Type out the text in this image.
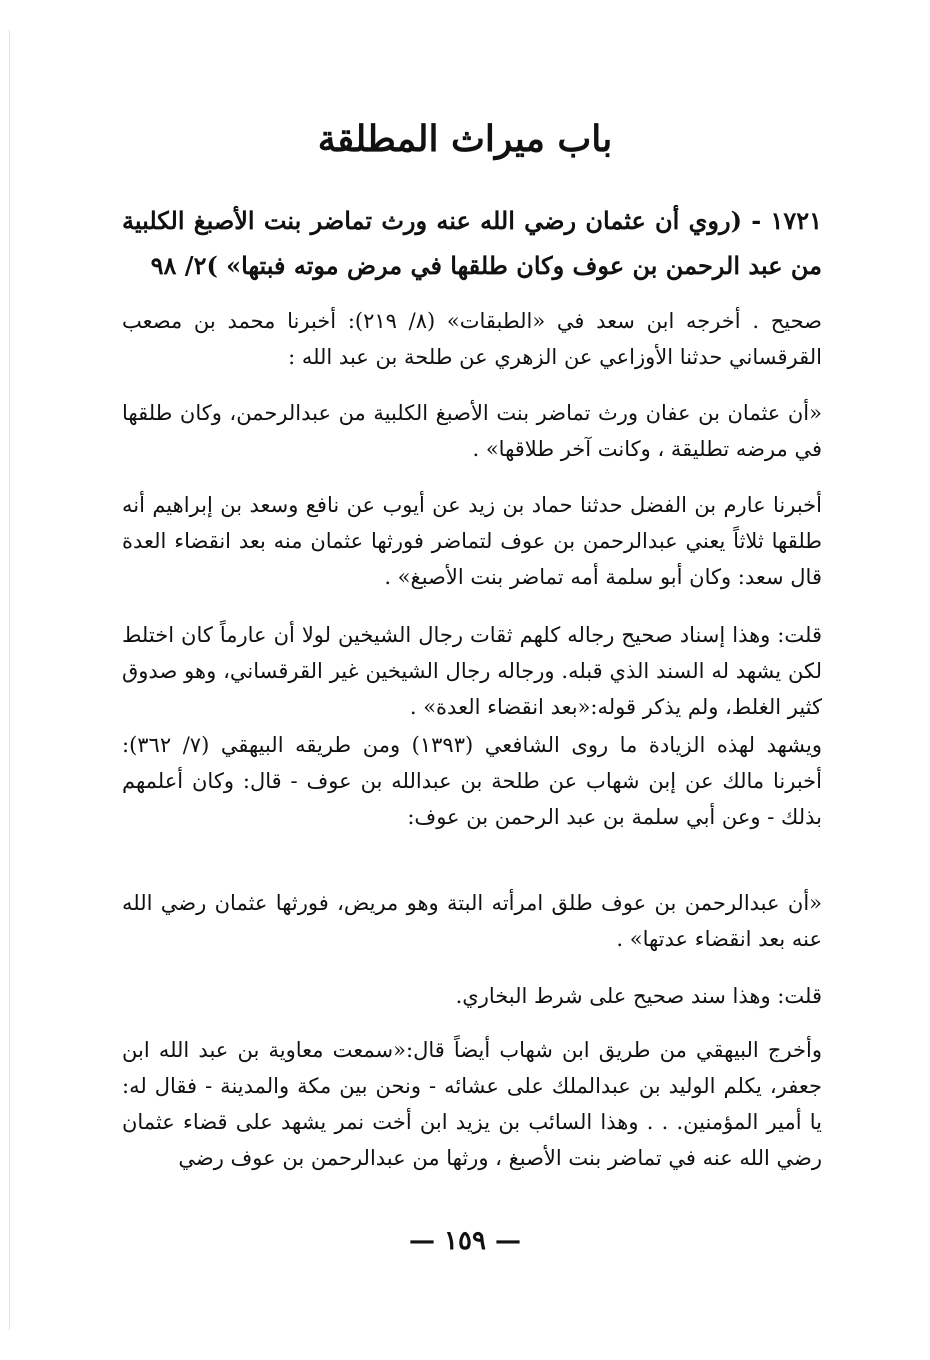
باب ميراث المطلقة
١٧٢١ - (روي أن عثمان رضي الله عنه ورث تماضر بنت الأصبغ الكلبية من عبد الرحمن بن عوف وكان طلقها في مرض موته فبتها» )٢/ ٩٨
صحيح . أخرجه ابن سعد في «الطبقات» (٨/ ٢١٩): أخبرنا محمد بن مصعب القرقساني حدثنا الأوزاعي عن الزهري عن طلحة بن عبد الله :
«أن عثمان بن عفان ورث تماضر بنت الأصبغ الكلبية من عبدالرحمن، وكان طلقها في مرضه تطليقة ، وكانت آخر طلاقها» .
أخبرنا عارم بن الفضل حدثنا حماد بن زيد عن أيوب عن نافع وسعد بن إبراهيم أنه طلقها ثلاثاً يعني عبدالرحمن بن عوف لتماضر فورثها عثمان منه بعد انقضاء العدة قال سعد: وكان أبو سلمة أمه تماضر بنت الأصبغ» .
قلت: وهذا إسناد صحيح رجاله كلهم ثقات رجال الشيخين لولا أن عارماً كان اختلط لكن يشهد له السند الذي قبله. ورجاله رجال الشيخين غير القرقساني، وهو صدوق كثير الغلط، ولم يذكر قوله:«بعد انقضاء العدة» .
ويشهد لهذه الزيادة ما روى الشافعي (١٣٩٣) ومن طريقه البيهقي (٧/ ٣٦٢): أخبرنا مالك عن إبن شهاب عن طلحة بن عبدالله بن عوف - قال: وكان أعلمهم بذلك - وعن أبي سلمة بن عبد الرحمن بن عوف:
«أن عبدالرحمن بن عوف طلق امرأته البتة وهو مريض، فورثها عثمان رضي الله عنه بعد انقضاء عدتها» .
قلت: وهذا سند صحيح على شرط البخاري.
وأخرج البيهقي من طريق ابن شهاب أيضاً قال:«سمعت معاوية بن عبد الله ابن جعفر، يكلم الوليد بن عبدالملك على عشائه - ونحن بين مكة والمدينة - فقال له: يا أمير المؤمنين. . . وهذا السائب بن يزيد ابن أخت نمر يشهد على قضاء عثمان رضي الله عنه في تماضر بنت الأصبغ ، ورثها من عبدالرحمن بن عوف رضي
— ١٥٩ —
